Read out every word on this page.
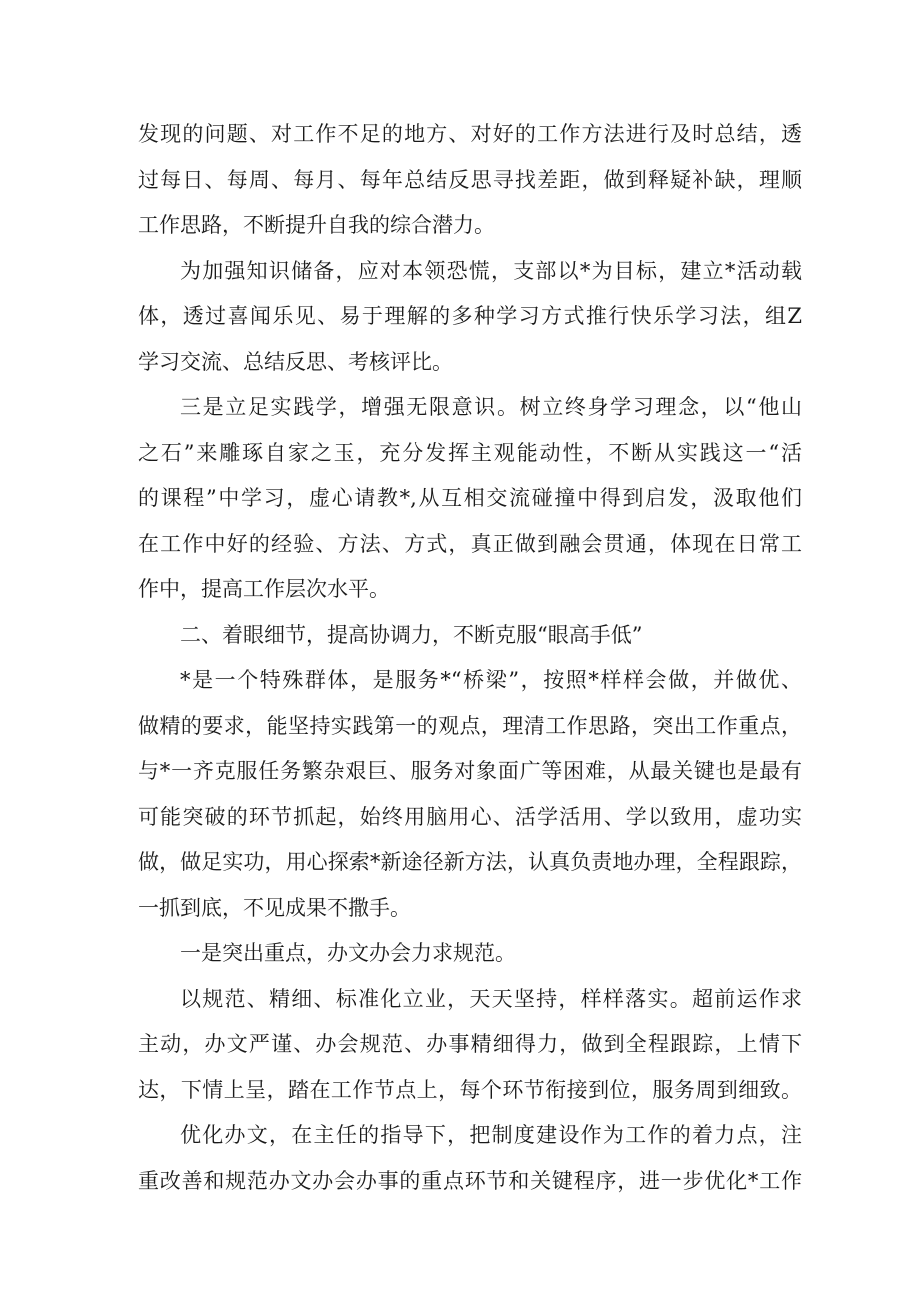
发现的问题、对工作不足的地方、对好的工作方法进行及时总结，透
过每日、每周、每月、每年总结反思寻找差距，做到释疑补缺，理顺
工作思路，不断提升自我的综合潜力。
为加强知识储备，应对本领恐慌，支部以*为目标，建立*活动载
体，透过喜闻乐见、易于理解的多种学习方式推行快乐学习法，组Z
学习交流、总结反思、考核评比。
三是立足实践学，增强无限意识。树立终身学习理念，以“他山
之石”来雕琢自家之玉，充分发挥主观能动性，不断从实践这一“活
的课程”中学习，虚心请教*,从互相交流碰撞中得到启发，汲取他们
在工作中好的经验、方法、方式，真正做到融会贯通，体现在日常工
作中，提高工作层次水平。
二、着眼细节，提高协调力，不断克服“眼高手低”
*是一个特殊群体，是服务*“桥梁”，按照*样样会做，并做优、
做精的要求，能坚持实践第一的观点，理清工作思路，突出工作重点，
与*一齐克服任务繁杂艰巨、服务对象面广等困难，从最关键也是最有
可能突破的环节抓起，始终用脑用心、活学活用、学以致用，虚功实
做，做足实功，用心探索*新途径新方法，认真负责地办理，全程跟踪，
一抓到底，不见成果不撒手。
一是突出重点，办文办会力求规范。
以规范、精细、标准化立业，天天坚持，样样落实。超前运作求
主动，办文严谨、办会规范、办事精细得力，做到全程跟踪，上情下
达，下情上呈，踏在工作节点上，每个环节衔接到位，服务周到细致。
优化办文，在主任的指导下，把制度建设作为工作的着力点，注
重改善和规范办文办会办事的重点环节和关键程序，进一步优化*工作
